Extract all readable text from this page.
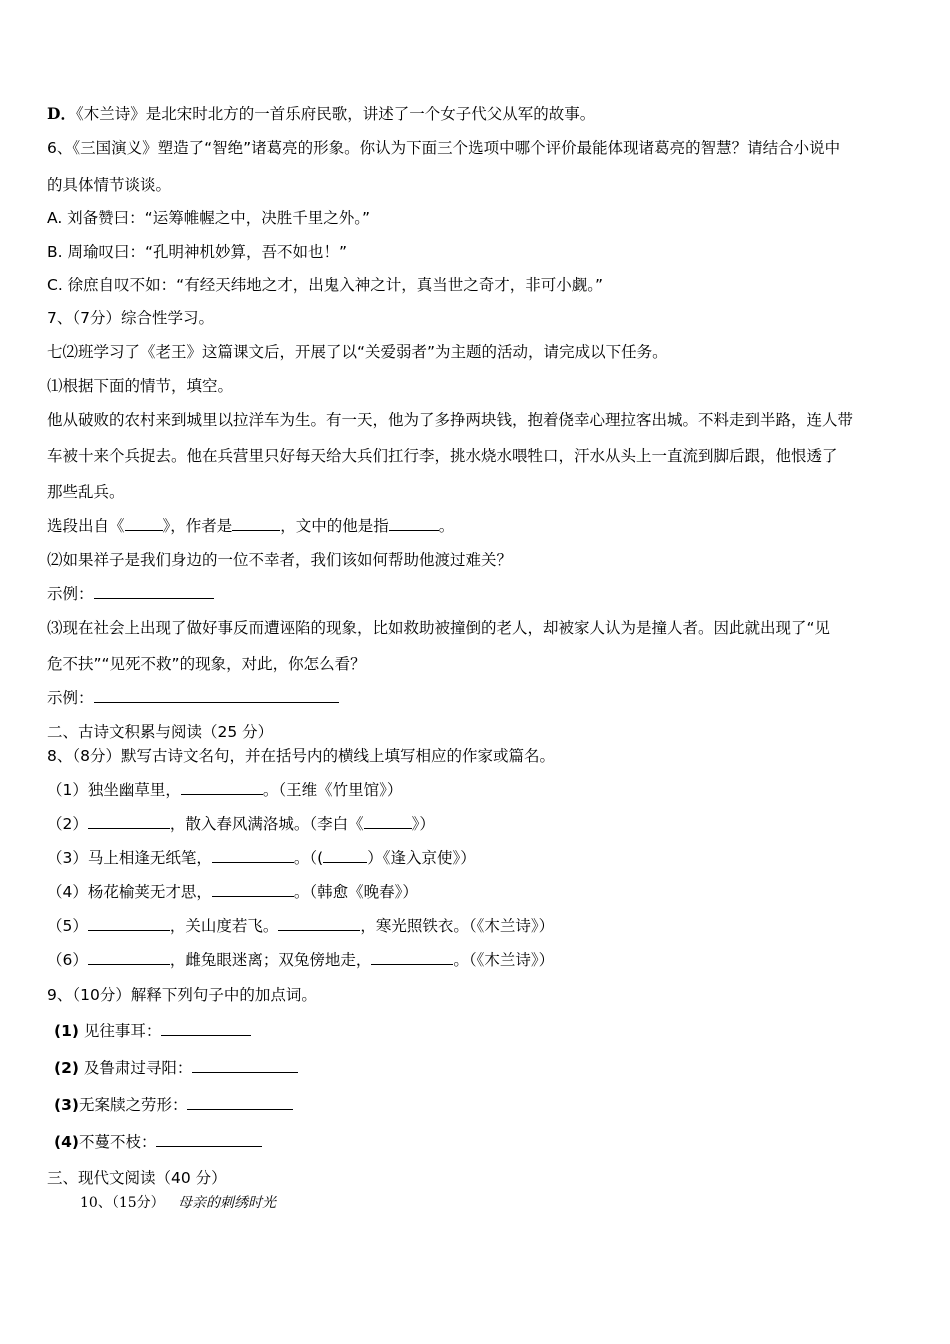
D．《木兰诗》是北宋时北方的一首乐府民歌，讲述了一个女子代父从军的故事。
6、《三国演义》塑造了“智绝”诸葛亮的形象。你认为下面三个选项中哪个评价最能体现诸葛亮的智慧？请结合小说中
的具体情节谈谈。
A. 刘备赞曰：“运筹帷幄之中，决胜千里之外。”
B. 周瑜叹曰：“孔明神机妙算，吾不如也！”
C. 徐庶自叹不如：“有经天纬地之才，出鬼入神之计，真当世之奇才，非可小觑。”
7、（7分）综合性学习。
七⑵班学习了《老王》这篇课文后，开展了以“关爱弱者”为主题的活动，请完成以下任务。
⑴根据下面的情节，填空。
他从破败的农村来到城里以拉洋车为生。有一天，他为了多挣两块钱，抱着侥幸心理拉客出城。不料走到半路，连人带
车被十来个兵捉去。他在兵营里只好每天给大兵们扛行李，挑水烧水喂牲口，汗水从头上一直流到脚后跟，他恨透了
那些乱兵。
选段出自《 》，作者是	，文中的他是指	。
⑵如果祥子是我们身边的一位不幸者，我们该如何帮助他渡过难关？
示例：
⑶现在社会上出现了做好事反而遭诬陷的现象，比如救助被撞倒的老人，却被家人认为是撞人者。因此就出现了“见
危不扶”“见死不救”的现象，对此，你怎么看？
示例：
二、古诗文积累与阅读（25 分）
8、（8分）默写古诗文名句，并在括号内的横线上填写相应的作家或篇名。
（1）独坐幽草里，	。（王维《竹里馆》）
（2）	，散入春风满洛城。（李白《	》）
（3）马上相逢无纸笔，	。（(	）《逢入京使》）
（4）杨花榆荚无才思，	。（韩愈《晚春》）
（5）	，关山度若飞。	，寒光照铁衣。（《木兰诗》）
（6）	，雌兔眼迷离；双兔傍地走，	。（《木兰诗》）
9、（10分）解释下列句子中的加点词。
(1) 见往事耳：
(2) 及鲁肃过寻阳：
(3)无案牍之劳形：
(4)不蔓不枝：
三、现代文阅读（40 分）
10、（15分） 母亲的刺绣时光
